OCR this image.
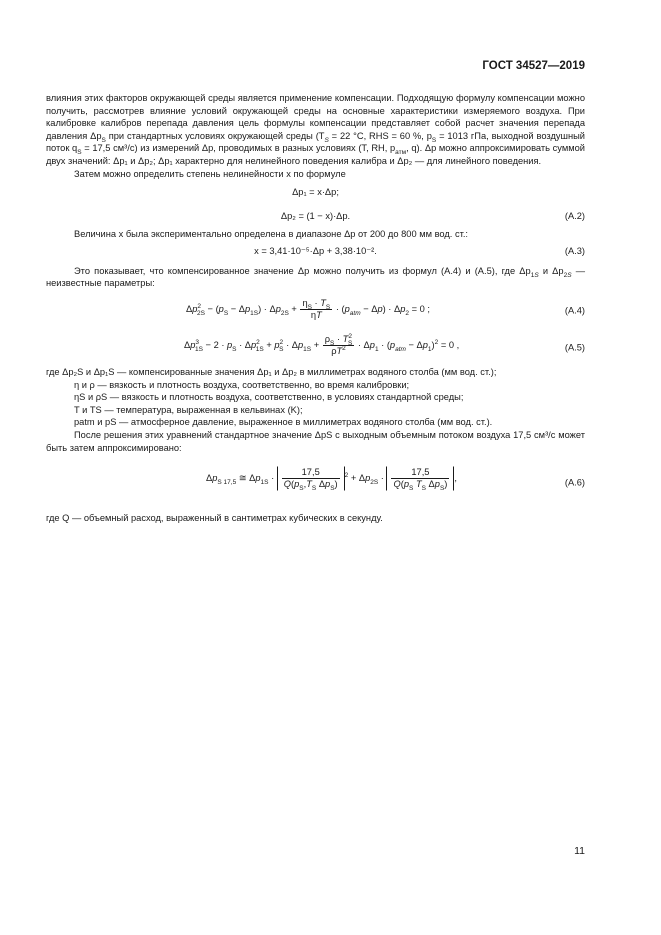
ГОСТ 34527—2019

влияния этих факторов окружающей среды является применение компенсации. Подходящую формулу компенсации можно получить, рассмотрев влияние условий окружающей среды на основные характеристики измеряемого воздуха. При калибровке калибров перепада давления цель формулы компенсации представляет собой расчет значения перепада давления $\Delta p_S$ при стандартных условиях окружающей среды ($T_S = 22$ °C, RHS = 60 %, $p_S = 1013$ гПа, выходной воздушный поток $q_S = 17,5$ см³/с) из измерений Δp, проводимых в разных условиях (T, RH, $p_{атм}$, q). Δp можно аппроксимировать суммой двух значений: Δp₁ и Δp₂; Δp₁ характерно для нелинейного поведения калибра и Δp₂ — для линейного поведения.

Затем можно определить степень нелинейности x по формуле

Δp₁ = x·Δp;
Δp₂ = (1 − x)·Δp.	(A.2)

Величина x была экспериментально определена в диапазоне Δp от 200 до 800 мм вод. ст.:

x = 3,41·10⁻⁵·Δp + 3,38·10⁻².	(A.3)

Это показывает, что компенсированное значение Δp можно получить из формул (А.4) и (А.5), где $\Delta p_{1S}$ и $\Delta p_{2S}$ — неизвестные параметры:

$\Delta p^2_{2S} - (p_S - \Delta p_{1S}) \cdot \Delta p_{2S} + \frac{\eta_S \cdot T_S}{\eta T} \cdot (p_{atm} - \Delta p) \cdot \Delta p_2 = 0$ ;	(A.4)
$\Delta p^3_{1S} - 2 \cdot p_S \cdot \Delta p^2_{1S} + p^2_S \cdot \Delta p_{1S} + \frac{\rho_S \cdot T^2_S}{\rho T^2} \cdot \Delta p_1 \cdot (p_{atm} - \Delta p_1)^2 = 0$ ,	(A.5)

где Δp₂S и Δp₁S — компенсированные значения Δp₁ и Δp₂ в миллиметрах водяного столба (мм вод. ст.);

η и ρ — вязкость и плотность воздуха, соответственно, во время калибровки;

ηS и ρS — вязкость и плотность воздуха, соответственно, в условиях стандартной среды;

T и TS — температура, выраженная в кельвинах (K);

patm и pS — атмосферное давление, выраженное в миллиметрах водяного столба (мм вод. ст.).

После решения этих уравнений стандартное значение ΔpS с выходным объемным потоком воздуха 17,5 см³/с может быть затем аппроксимировано:

$\Delta p_{S 17,5}$ ≅ $\Delta p_{1S} \cdot \frac{17,5}{Q(p_S,T_S \Delta p_S)} ^2 + \Delta p_{2S} \cdot \frac{17,5}{Q(p_S T_S \Delta p_S)}$ ,	(A.6)

где Q — объемный расход, выраженный в сантиметрах кубических в секунду.

11
